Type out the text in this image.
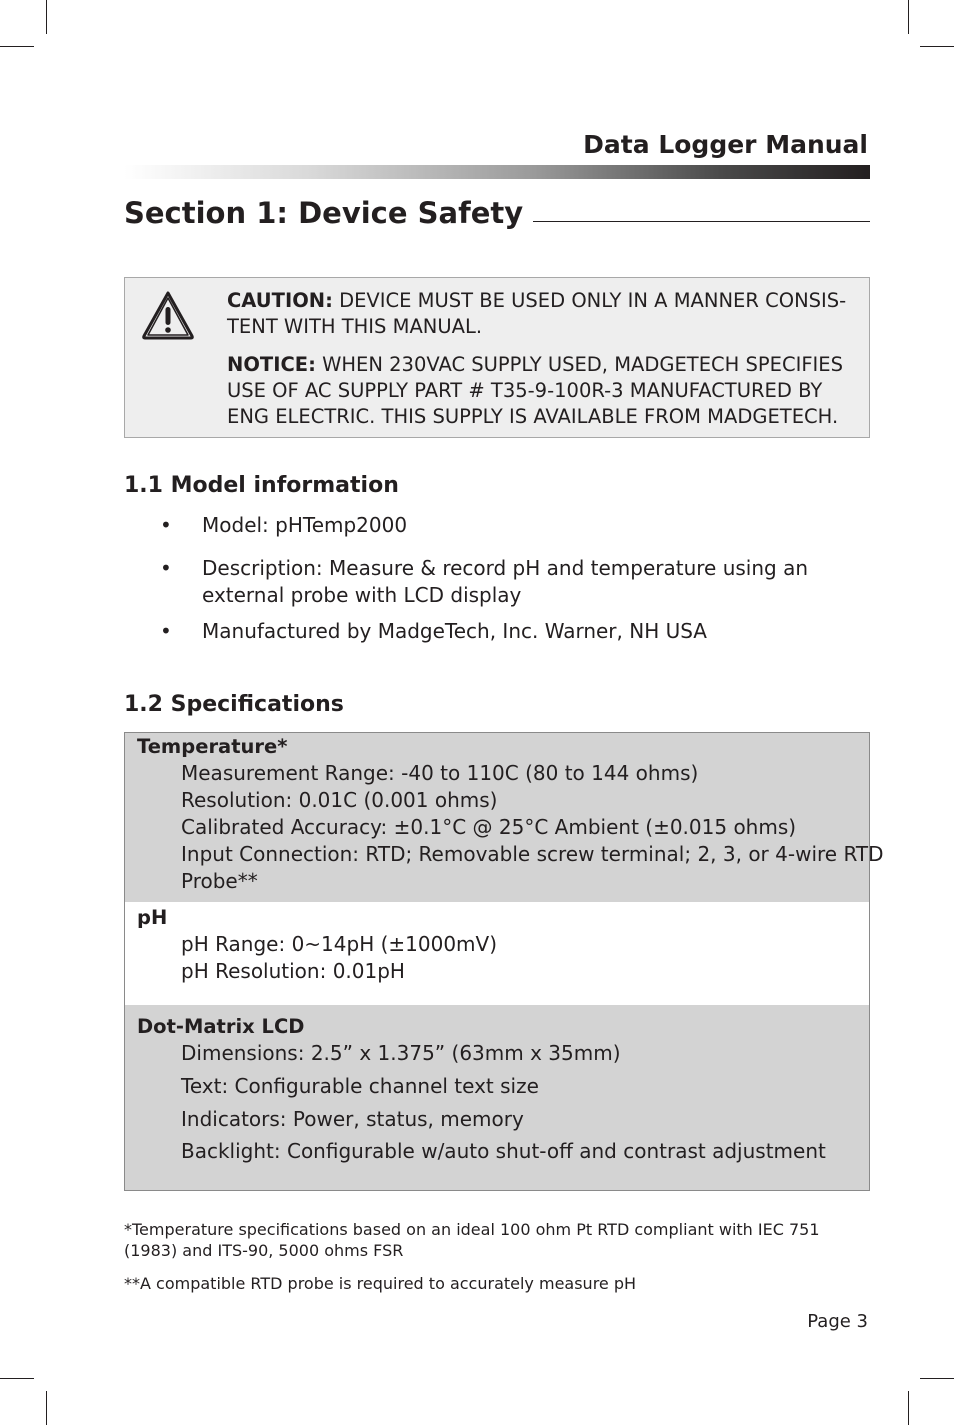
Data Logger Manual
Section 1: Device Safety

CAUTION: DEVICE MUST BE USED ONLY IN A MANNER CONSIS- TENT WITH THIS MANUAL.

NOTICE: WHEN 230VAC SUPPLY USED, MADGETECH SPECIFIES USE OF AC SUPPLY PART # T35-9-100R-3 MANUFACTURED BY ENG ELECTRIC. THIS SUPPLY IS AVAILABLE FROM MADGETECH.

1.1 Model information
• Model: pHTemp2000
• Description: Measure & record pH and temperature using an external probe with LCD display
• Manufactured by MadgeTech, Inc. Warner, NH USA
1.2 Specifications
Temperature*
Measurement Range: -40 to 110C (80 to 144 ohms)
Resolution: 0.01C (0.001 ohms)
Calibrated Accuracy: ±0.1°C @ 25°C Ambient (±0.015 ohms)
Input Connection: RTD; Removable screw terminal; 2, 3, or 4-wire RTD
Probe**
pH
pH Range: 0~14pH (±1000mV)
pH Resolution: 0.01pH
Dot-Matrix LCD
Dimensions: 2.5” x 1.375” (63mm x 35mm)
Text: Configurable channel text size
Indicators: Power, status, memory
Backlight: Configurable w/auto shut-off and contrast adjustment
*Temperature specifications based on an ideal 100 ohm Pt RTD compliant with IEC 751 (1983) and ITS-90, 5000 ohms FSR
**A compatible RTD probe is required to accurately measure pH
Page 3
